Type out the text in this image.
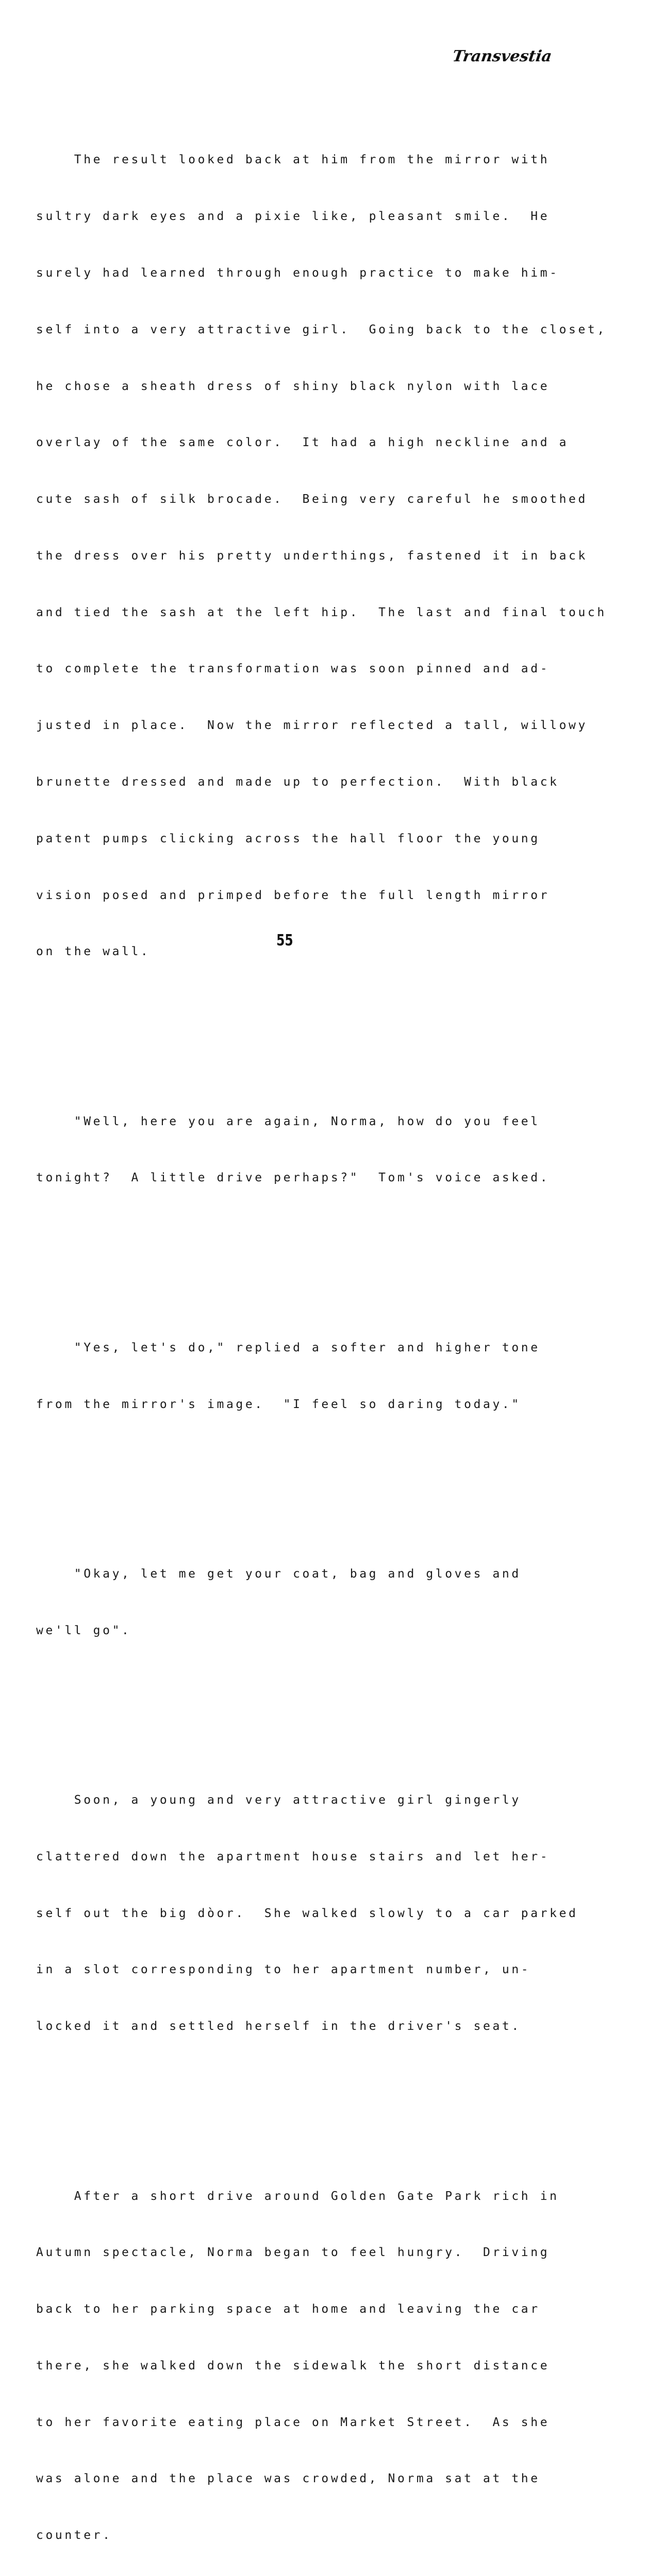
Transvestia

The result looked back at him from the mirror with

sultry dark eyes and a pixie like, pleasant smile.  He

surely had learned through enough practice to make him-

self into a very attractive girl.  Going back to the closet,

he chose a sheath dress of shiny black nylon with lace

overlay of the same color.  It had a high neckline and a

cute sash of silk brocade.  Being very careful he smoothed

the dress over his pretty underthings, fastened it in back

and tied the sash at the left hip.  The last and final touch

to complete the transformation was soon pinned and ad-

justed in place.  Now the mirror reflected a tall, willowy

brunette dressed and made up to perfection.  With black

patent pumps clicking across the hall floor the young

vision posed and primped before the full length mirror

on the wall.

"Well, here you are again, Norma, how do you feel

tonight?  A little drive perhaps?"  Tom's voice asked.

"Yes, let's do," replied a softer and higher tone

from the mirror's image.  "I feel so daring today."

"Okay, let me get your coat, bag and gloves and

we'll go".

Soon, a young and very attractive girl gingerly

clattered down the apartment house stairs and let her-

self out the big dòor.  She walked slowly to a car parked

in a slot corresponding to her apartment number, un-

locked it and settled herself in the driver's seat.

After a short drive around Golden Gate Park rich in

Autumn spectacle, Norma began to feel hungry.  Driving

back to her parking space at home and leaving the car

there, she walked down the sidewalk the short distance

to her favorite eating place on Market Street.  As she

was alone and the place was crowded, Norma sat at the

counter.

55
